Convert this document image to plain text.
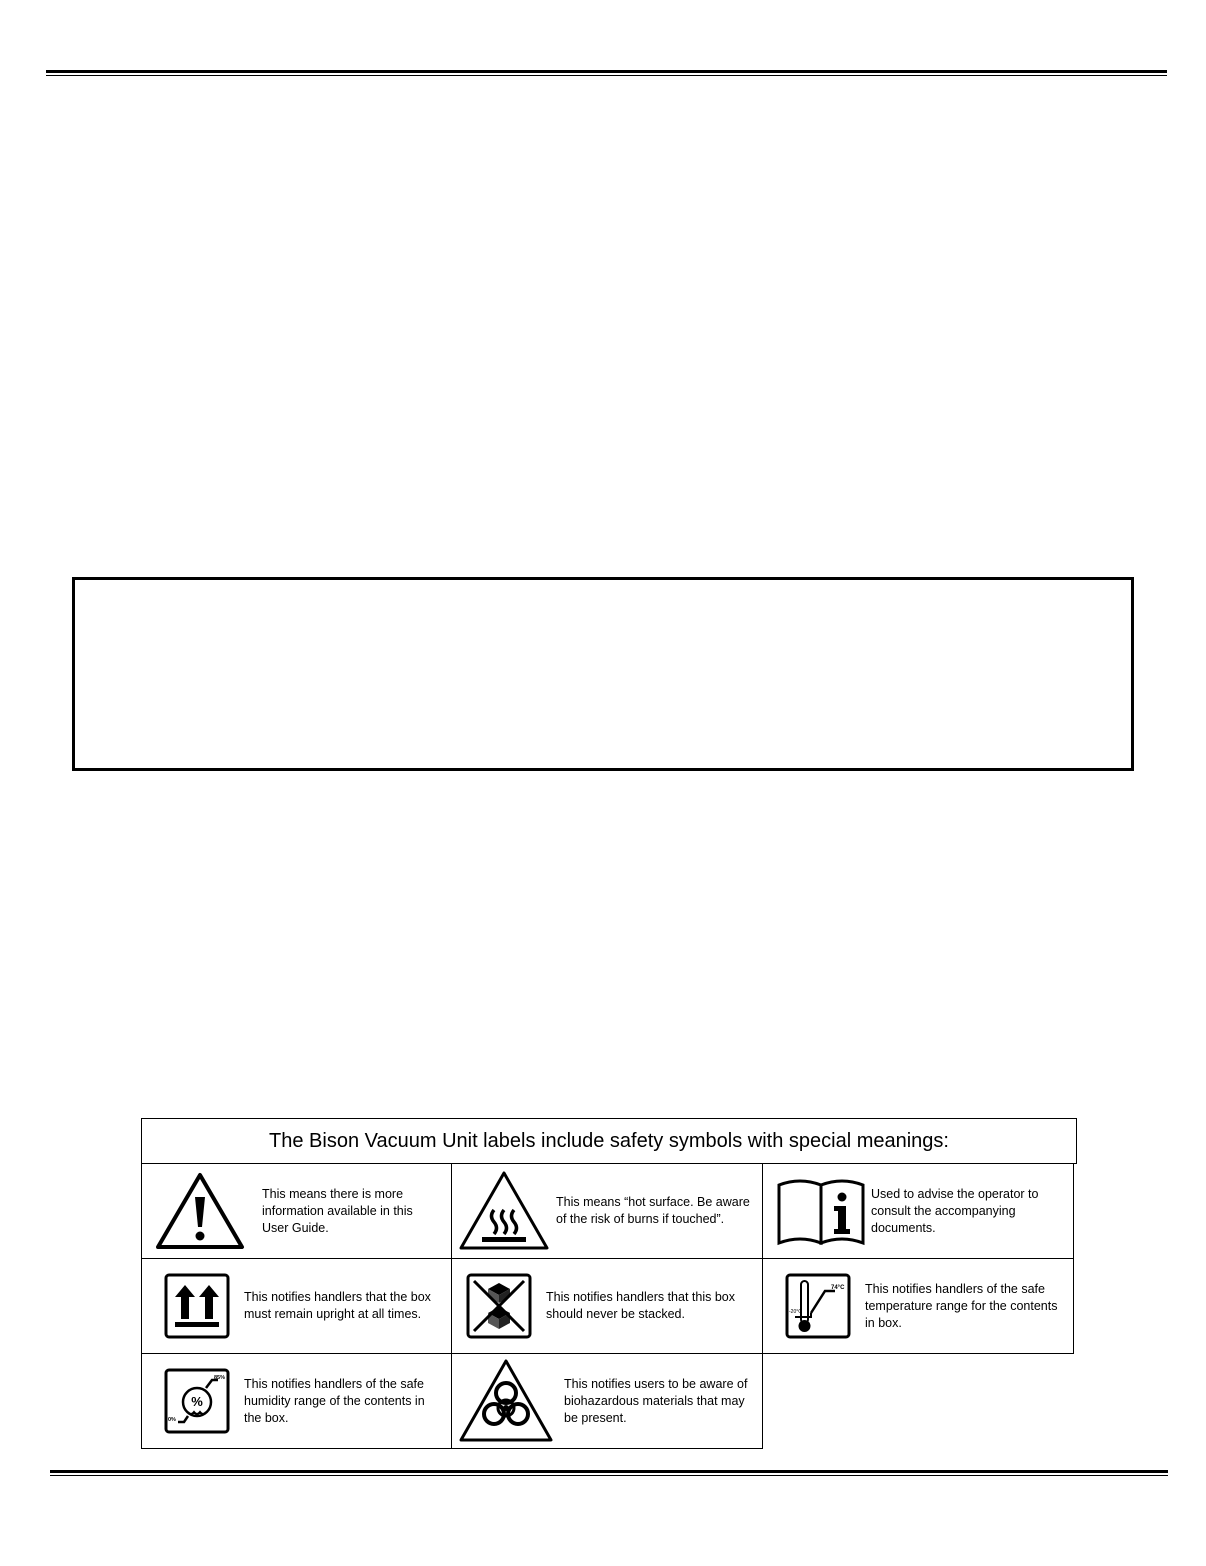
The Bison Vacuum Unit labels include safety symbols with special meanings:
This means there is more information available in this User Guide.
This means “hot surface. Be aware of the risk of burns if touched”.
Used to advise the operator to consult the accompanying documents.
This notifies handlers that the box must remain upright at all times.
This notifies handlers that this box should never be stacked.
74°C
-20°C
This notifies handlers of the safe temperature range for the contents in box.
%
85%
0%
This notifies handlers of the safe humidity range of the contents in the box.
This notifies users to be aware of biohazardous materials that may be present.
